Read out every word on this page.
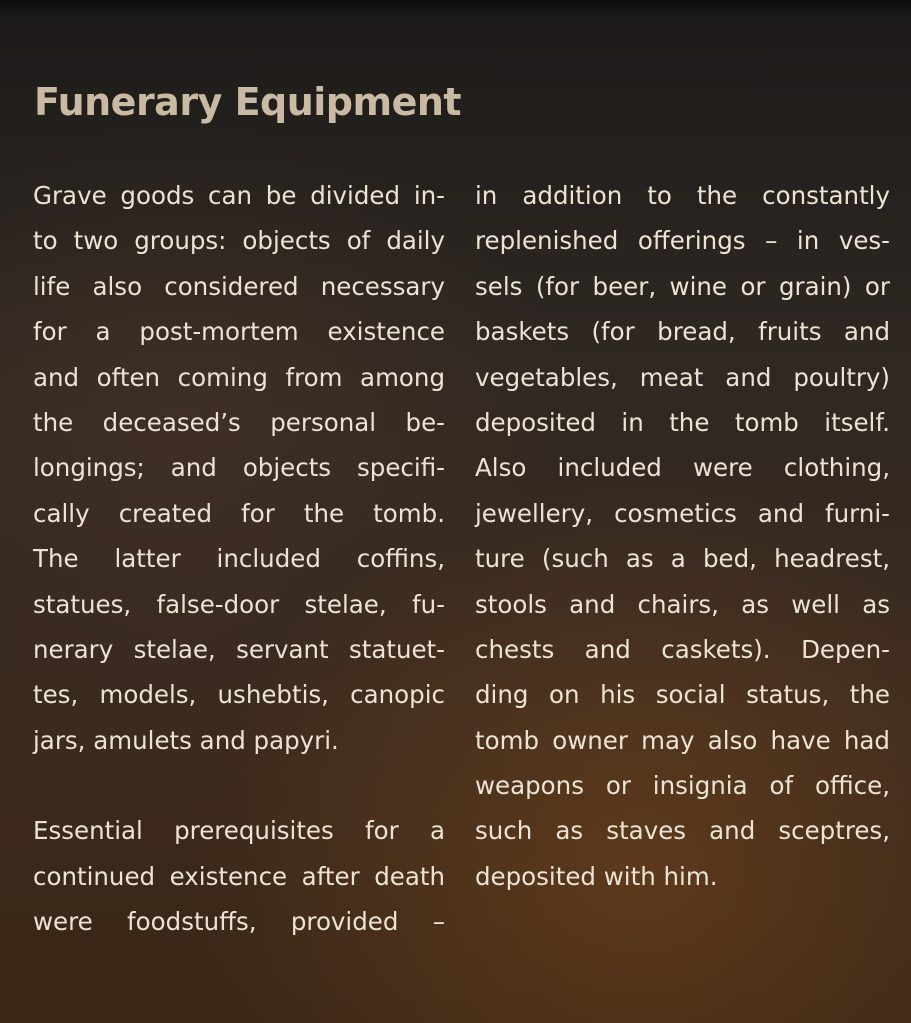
Funerary Equipment
Grave goods can be divided in-
to two groups: objects of daily
life also considered necessary
for a post-mortem existence
and often coming from among
the deceased’s personal be-
longings; and objects specifi-
cally created for the tomb.
The latter included coffins,
statues, false-door stelae, fu-
nerary stelae, servant statuet-
tes, models, ushebtis, canopic
jars, amulets and papyri.
Essential prerequisites for a
continued existence after death
were foodstuffs, provided –
in addition to the constantly
replenished offerings – in ves-
sels (for beer, wine or grain) or
baskets (for bread, fruits and
vegetables, meat and poultry)
deposited in the tomb itself.
Also included were clothing,
jewellery, cosmetics and furni-
ture (such as a bed, headrest,
stools and chairs, as well as
chests and caskets). Depen-
ding on his social status, the
tomb owner may also have had
weapons or insignia of office,
such as staves and sceptres,
deposited with him.
